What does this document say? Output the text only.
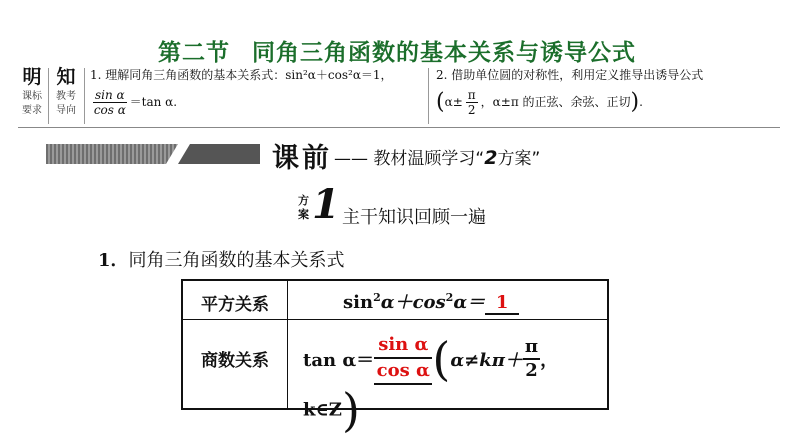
第二节 同角三角函数的基本关系与诱导公式
明
课标
要求
知
教考
导向
1. 理解同角三角函数的基本关系式：sin²α＋cos²α＝1，
$\frac{\text{sin α}}{\text{cos α}} =\tan$ α.
2. 借助单位圆的对称性，利用定义推导出诱导公式
($\alpha\pm \frac{\pi}{2}$ ，α±π 的正弦、余弦、正切).
课前 —— 教材温顾学习“2方案”
方
案 1 主干知识回顾一遍
1．同角三角函数的基本关系式
平方关系	$\sin^2\alpha+\cos^2\alpha= 1$
商数关系	$\tan \alpha= \frac{\text{sin α}}{\text{cos α}} (\alpha\ne k\pi+ \frac{\pi}{2}$ ，k∈Z)
